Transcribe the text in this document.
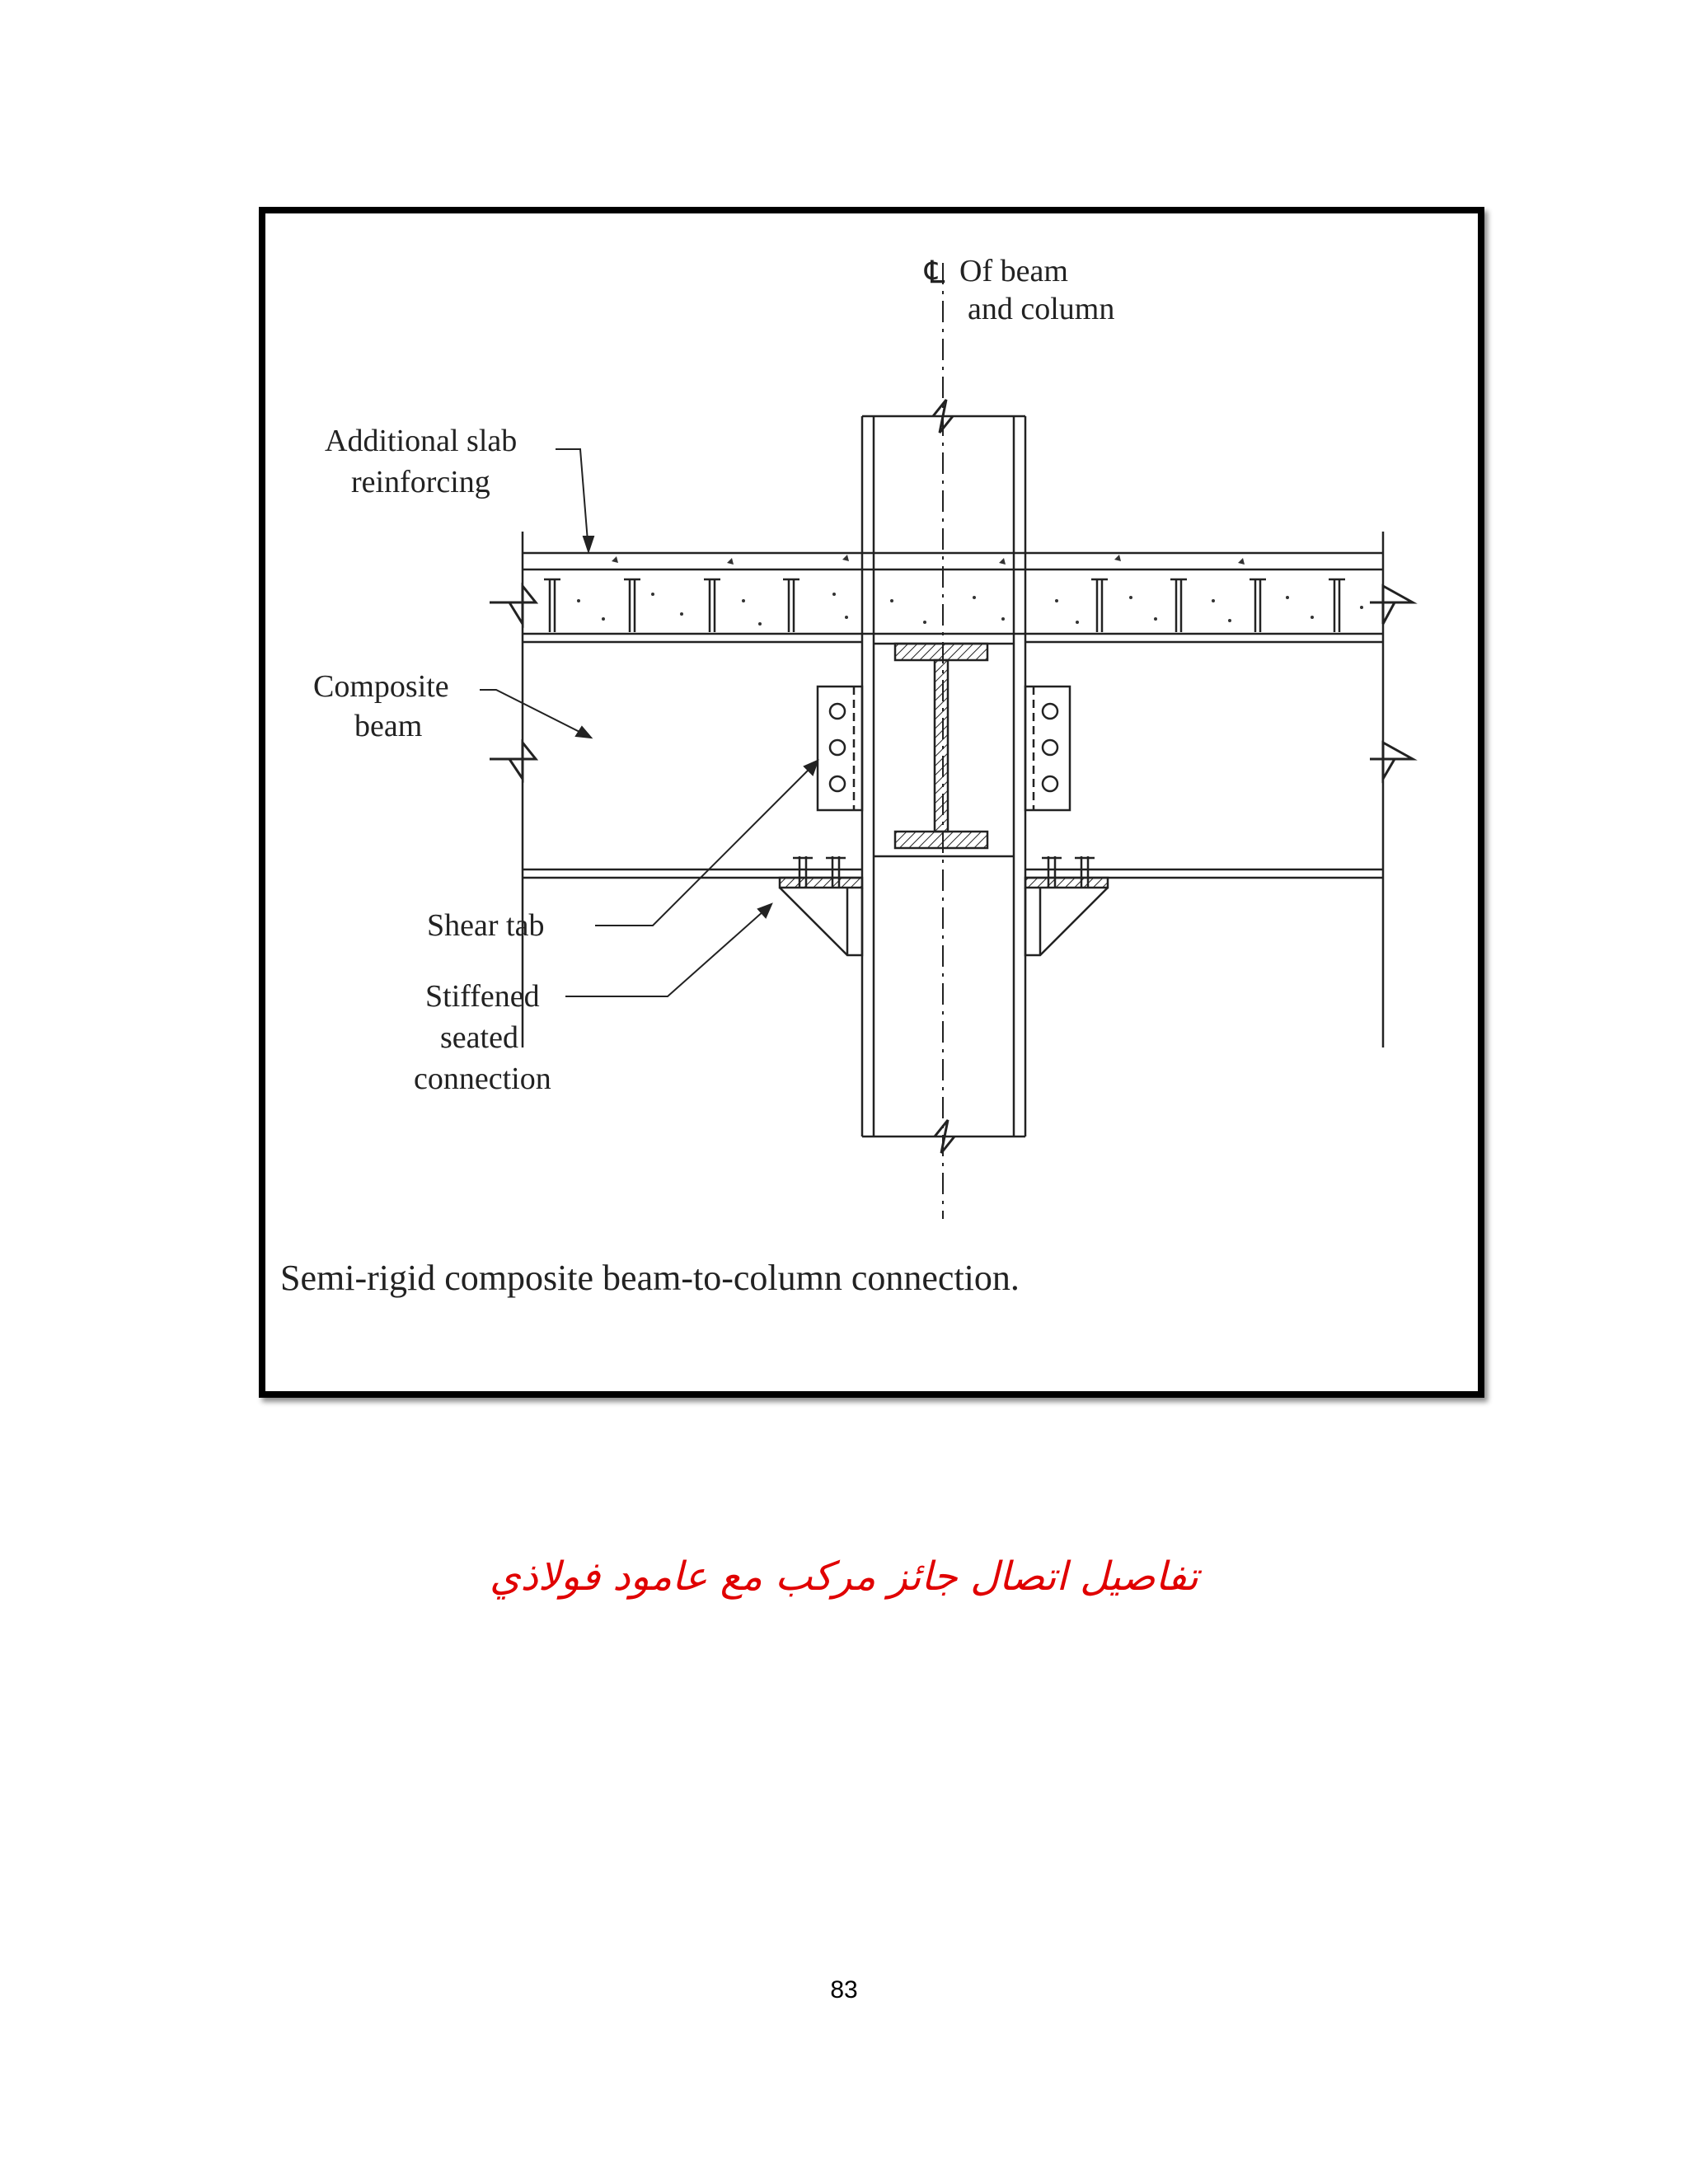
℄ Of beam
and column
Additional slab
reinforcing
Composite
beam
Shear tab
Stiffened
seated
connection
Semi-rigid composite beam-to-column connection.
تفاصيل اتصال جائز مركب مع عامود فولاذي
83
